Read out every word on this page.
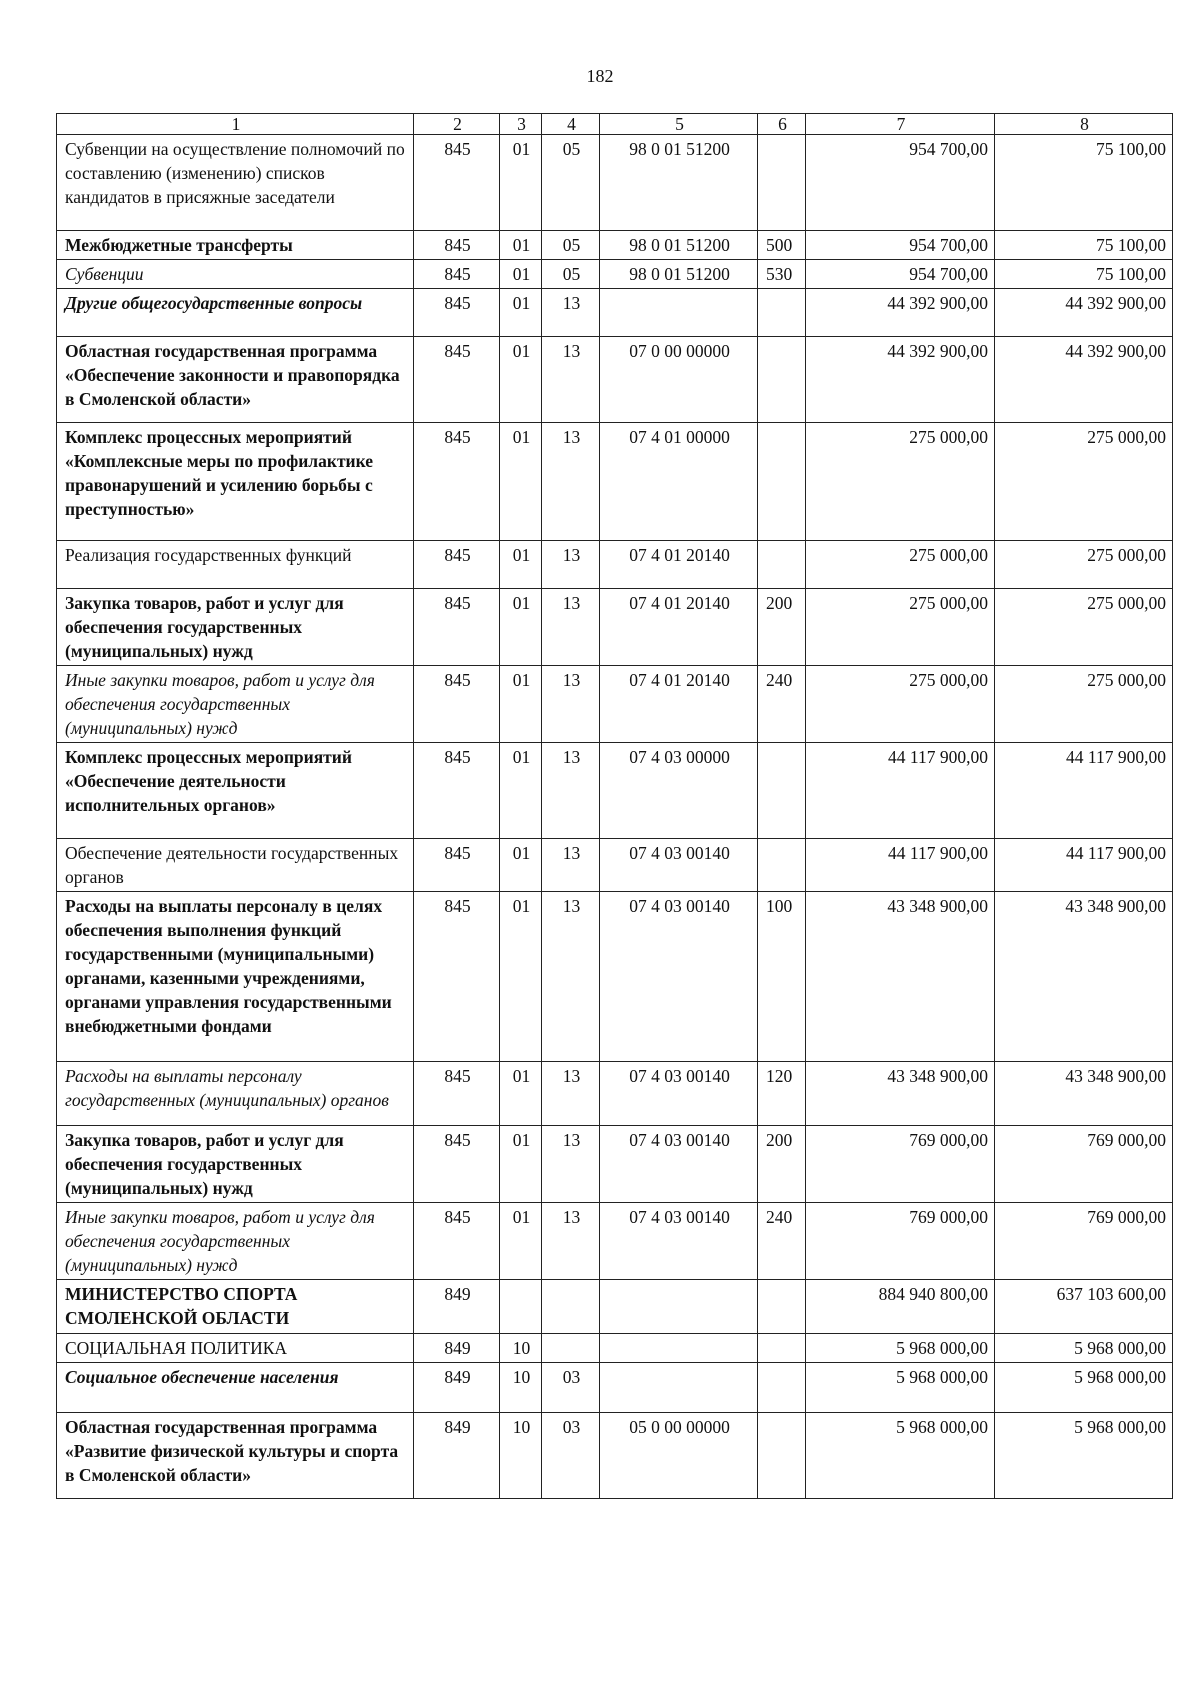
182
1	2	3	4	5	6	7	8
Субвенции на осуществление полномочий по составлению (изменению) списков кандидатов в присяжные заседатели	845	01	05	98 0 01 51200		954 700,00	75 100,00
Межбюджетные трансферты	845	01	05	98 0 01 51200	500	954 700,00	75 100,00
Субвенции	845	01	05	98 0 01 51200	530	954 700,00	75 100,00
Другие общегосударственные вопросы	845	01	13			44 392 900,00	44 392 900,00
Областная государственная программа «Обеспечение законности и правопорядка в Смоленской области»	845	01	13	07 0 00 00000		44 392 900,00	44 392 900,00
Комплекс процессных мероприятий «Комплексные меры по профилактике правонарушений и усилению борьбы с преступностью»	845	01	13	07 4 01 00000		275 000,00	275 000,00
Реализация государственных функций	845	01	13	07 4 01 20140		275 000,00	275 000,00
Закупка товаров, работ и услуг для обеспечения государственных (муниципальных) нужд	845	01	13	07 4 01 20140	200	275 000,00	275 000,00
Иные закупки товаров, работ и услуг для обеспечения государственных (муниципальных) нужд	845	01	13	07 4 01 20140	240	275 000,00	275 000,00
Комплекс процессных мероприятий «Обеспечение деятельности исполнительных органов»	845	01	13	07 4 03 00000		44 117 900,00	44 117 900,00
Обеспечение деятельности государственных органов	845	01	13	07 4 03 00140		44 117 900,00	44 117 900,00
Расходы на выплаты персоналу в целях обеспечения выполнения функций государственными (муниципальными) органами, казенными учреждениями, органами управления государственными внебюджетными фондами	845	01	13	07 4 03 00140	100	43 348 900,00	43 348 900,00
Расходы на выплаты персоналу государственных (муниципальных) органов	845	01	13	07 4 03 00140	120	43 348 900,00	43 348 900,00
Закупка товаров, работ и услуг для обеспечения государственных (муниципальных) нужд	845	01	13	07 4 03 00140	200	769 000,00	769 000,00
Иные закупки товаров, работ и услуг для обеспечения государственных (муниципальных) нужд	845	01	13	07 4 03 00140	240	769 000,00	769 000,00
МИНИСТЕРСТВО СПОРТА СМОЛЕНСКОЙ ОБЛАСТИ	849					884 940 800,00	637 103 600,00
СОЦИАЛЬНАЯ ПОЛИТИКА	849	10				5 968 000,00	5 968 000,00
Социальное обеспечение населения	849	10	03			5 968 000,00	5 968 000,00
Областная государственная программа «Развитие физической культуры и спорта в Смоленской области»	849	10	03	05 0 00 00000		5 968 000,00	5 968 000,00
